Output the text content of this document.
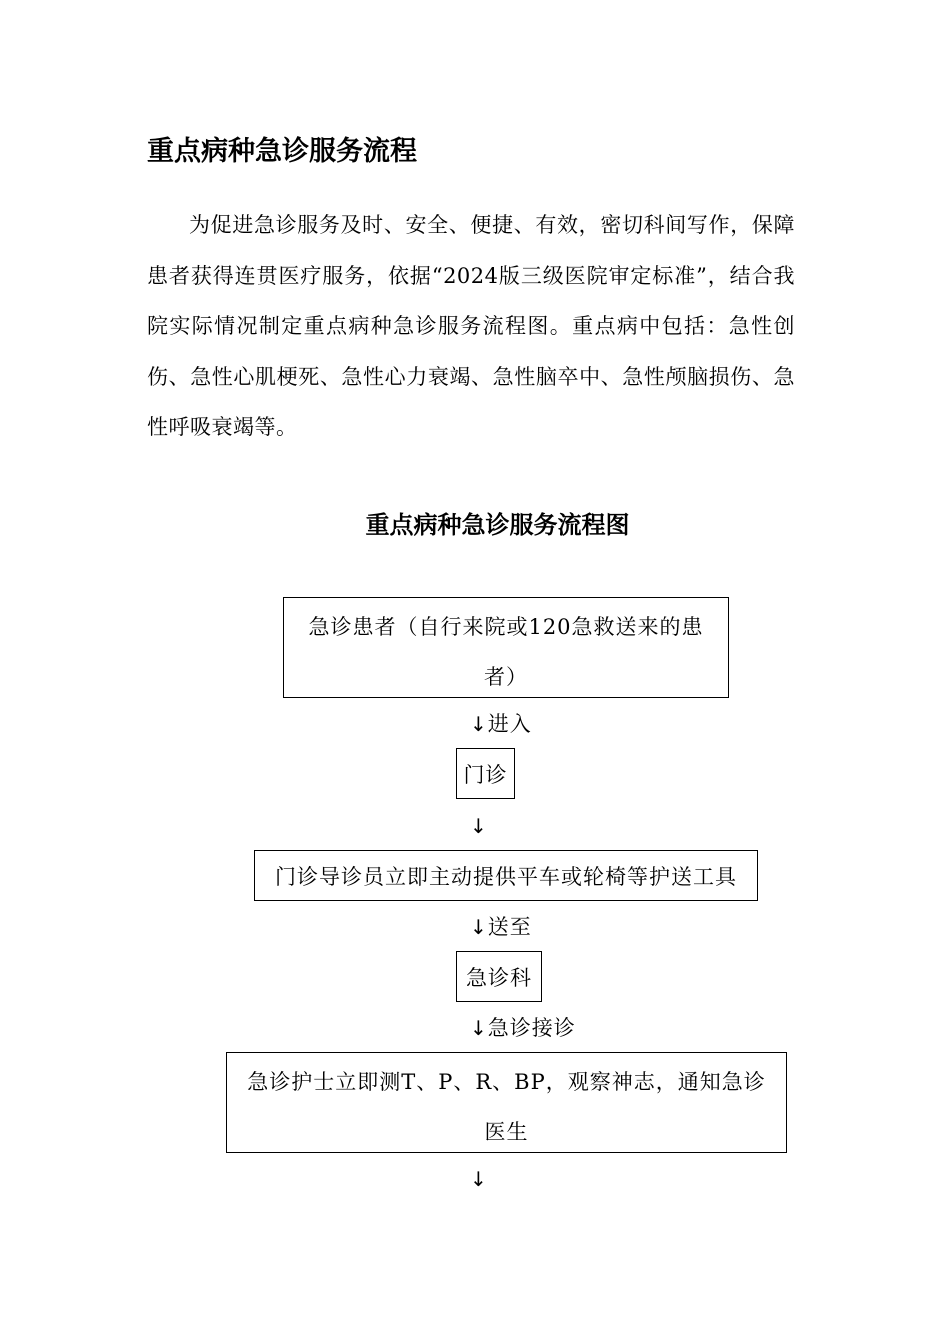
重点病种急诊服务流程

为促进急诊服务及时、安全、便捷、有效，密切科间写作，保障患者获得连贯医疗服务，依据“2024版三级医院审定标准”，结合我院实际情况制定重点病种急诊服务流程图。重点病中包括：急性创伤、急性心肌梗死、急性心力衰竭、急性脑卒中、急性颅脑损伤、急性呼吸衰竭等。

重点病种急诊服务流程图
急诊患者（自行来院或120急救送来的患者）
↓进入
门诊
↓
门诊导诊员立即主动提供平车或轮椅等护送工具
↓送至
急诊科
↓急诊接诊
急诊护士立即测T、P、R、BP，观察神志，通知急诊医生
↓
